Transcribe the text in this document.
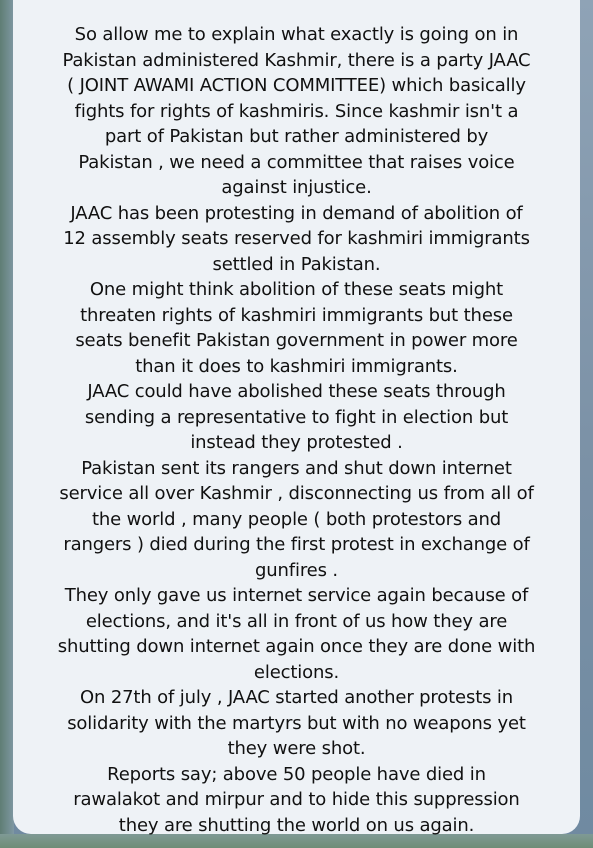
So allow me to explain what exactly is going on in
Pakistan administered Kashmir, there is a party JAAC
( JOINT AWAMI ACTION COMMITTEE) which basically
fights for rights of kashmiris. Since kashmir isn't a
part of Pakistan but rather administered by
Pakistan , we need a committee that raises voice
against injustice.
JAAC has been protesting in demand of abolition of
12 assembly seats reserved for kashmiri immigrants
settled in Pakistan.
One might think abolition of these seats might
threaten rights of kashmiri immigrants but these
seats benefit Pakistan government in power more
than it does to kashmiri immigrants.
JAAC could have abolished these seats through
sending a representative to fight in election but
instead they protested .
Pakistan sent its rangers and shut down internet
service all over Kashmir , disconnecting us from all of
the world , many people ( both protestors and
rangers ) died during the first protest in exchange of
gunfires .
They only gave us internet service again because of
elections, and it's all in front of us how they are
shutting down internet again once they are done with
elections.
On 27th of july , JAAC started another protests in
solidarity with the martyrs but with no weapons yet
they were shot.
Reports say; above 50 people have died in
rawalakot and mirpur and to hide this suppression
they are shutting the world on us again.
